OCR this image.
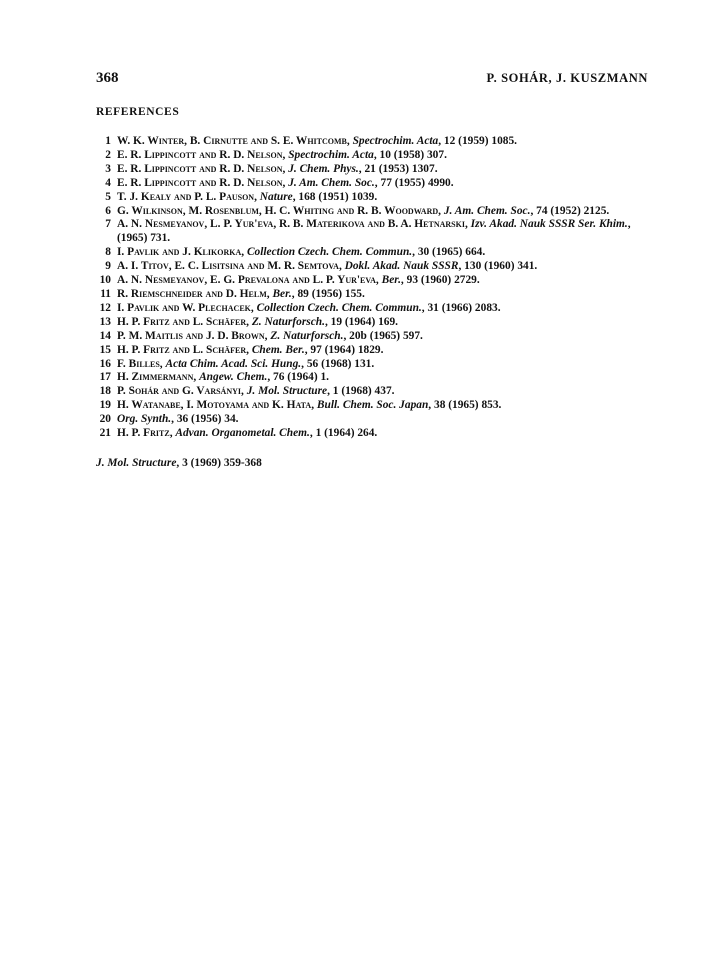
368	P. SOHÁR, J. KUSZMANN
REFERENCES
1 W. K. Winter, B. Cirnutte and S. E. Whitcomb, Spectrochim. Acta, 12 (1959) 1085.
2 E. R. Lippincott and R. D. Nelson, Spectrochim. Acta, 10 (1958) 307.
3 E. R. Lippincott and R. D. Nelson, J. Chem. Phys., 21 (1953) 1307.
4 E. R. Lippincott and R. D. Nelson, J. Am. Chem. Soc., 77 (1955) 4990.
5 T. J. Kealy and P. L. Pauson, Nature, 168 (1951) 1039.
6 G. Wilkinson, M. Rosenblum, H. C. Whiting and R. B. Woodward, J. Am. Chem. Soc., 74 (1952) 2125.
7 A. N. Nesmeyanov, L. P. Yur'eva, R. B. Materikova and B. A. Hetnarski, Izv. Akad. Nauk SSSR Ser. Khim., (1965) 731.
8 I. Pavlik and J. Klikorka, Collection Czech. Chem. Commun., 30 (1965) 664.
9 A. I. Titov, E. C. Lisitsina and M. R. Semtova, Dokl. Akad. Nauk SSSR, 130 (1960) 341.
10 A. N. Nesmeyanov, E. G. Prevalona and L. P. Yur'eva, Ber., 93 (1960) 2729.
11 R. Riemschneider and D. Helm, Ber., 89 (1956) 155.
12 I. Pavlik and W. Plechacek, Collection Czech. Chem. Commun., 31 (1966) 2083.
13 H. P. Fritz and L. Schäfer, Z. Naturforsch., 19 (1964) 169.
14 P. M. Maitlis and J. D. Brown, Z. Naturforsch., 20b (1965) 597.
15 H. P. Fritz and L. Schäfer, Chem. Ber., 97 (1964) 1829.
16 F. Billes, Acta Chim. Acad. Sci. Hung., 56 (1968) 131.
17 H. Zimmermann, Angew. Chem., 76 (1964) 1.
18 P. Sohár and G. Varsányi, J. Mol. Structure, 1 (1968) 437.
19 H. Watanabe, I. Motoyama and K. Hata, Bull. Chem. Soc. Japan, 38 (1965) 853.
20 Org. Synth., 36 (1956) 34.
21 H. P. Fritz, Advan. Organometal. Chem., 1 (1964) 264.
J. Mol. Structure, 3 (1969) 359-368
